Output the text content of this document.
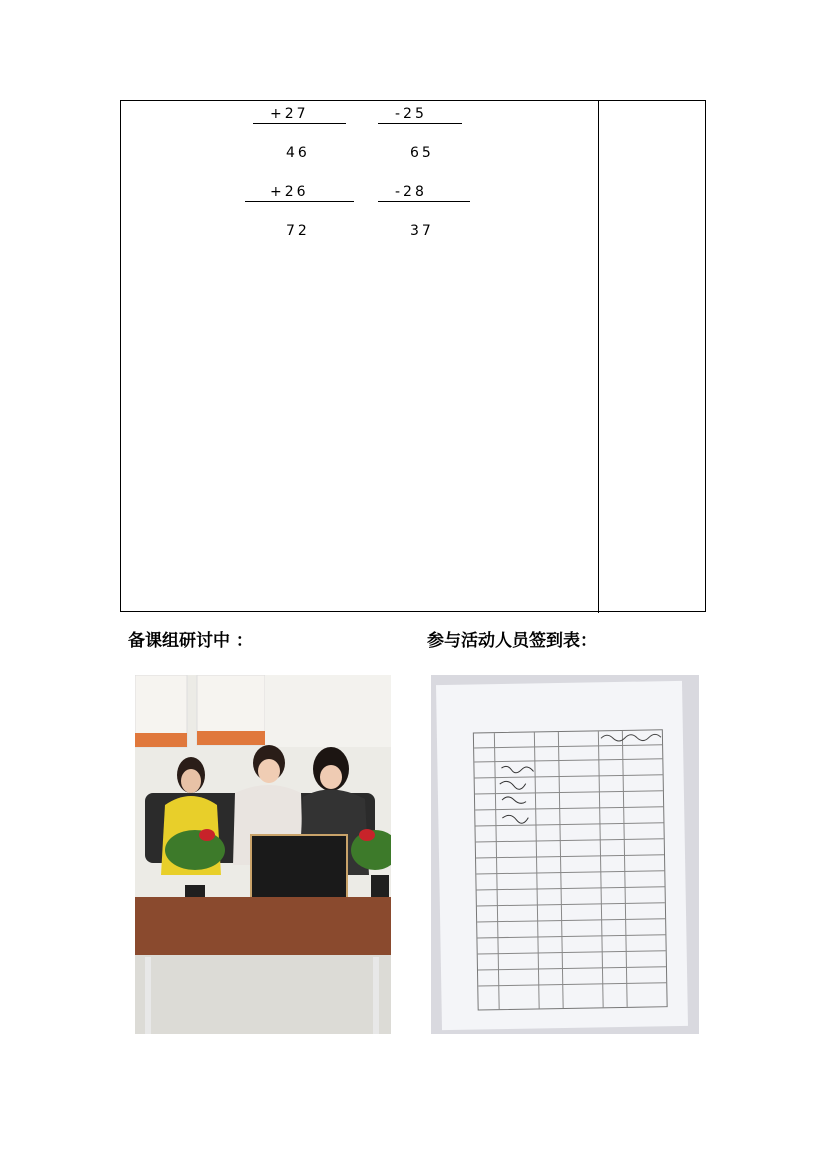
+27	-25
46	65
+26	-28
72	37
备课组研讨中 ：	参与活动人员签到表：
